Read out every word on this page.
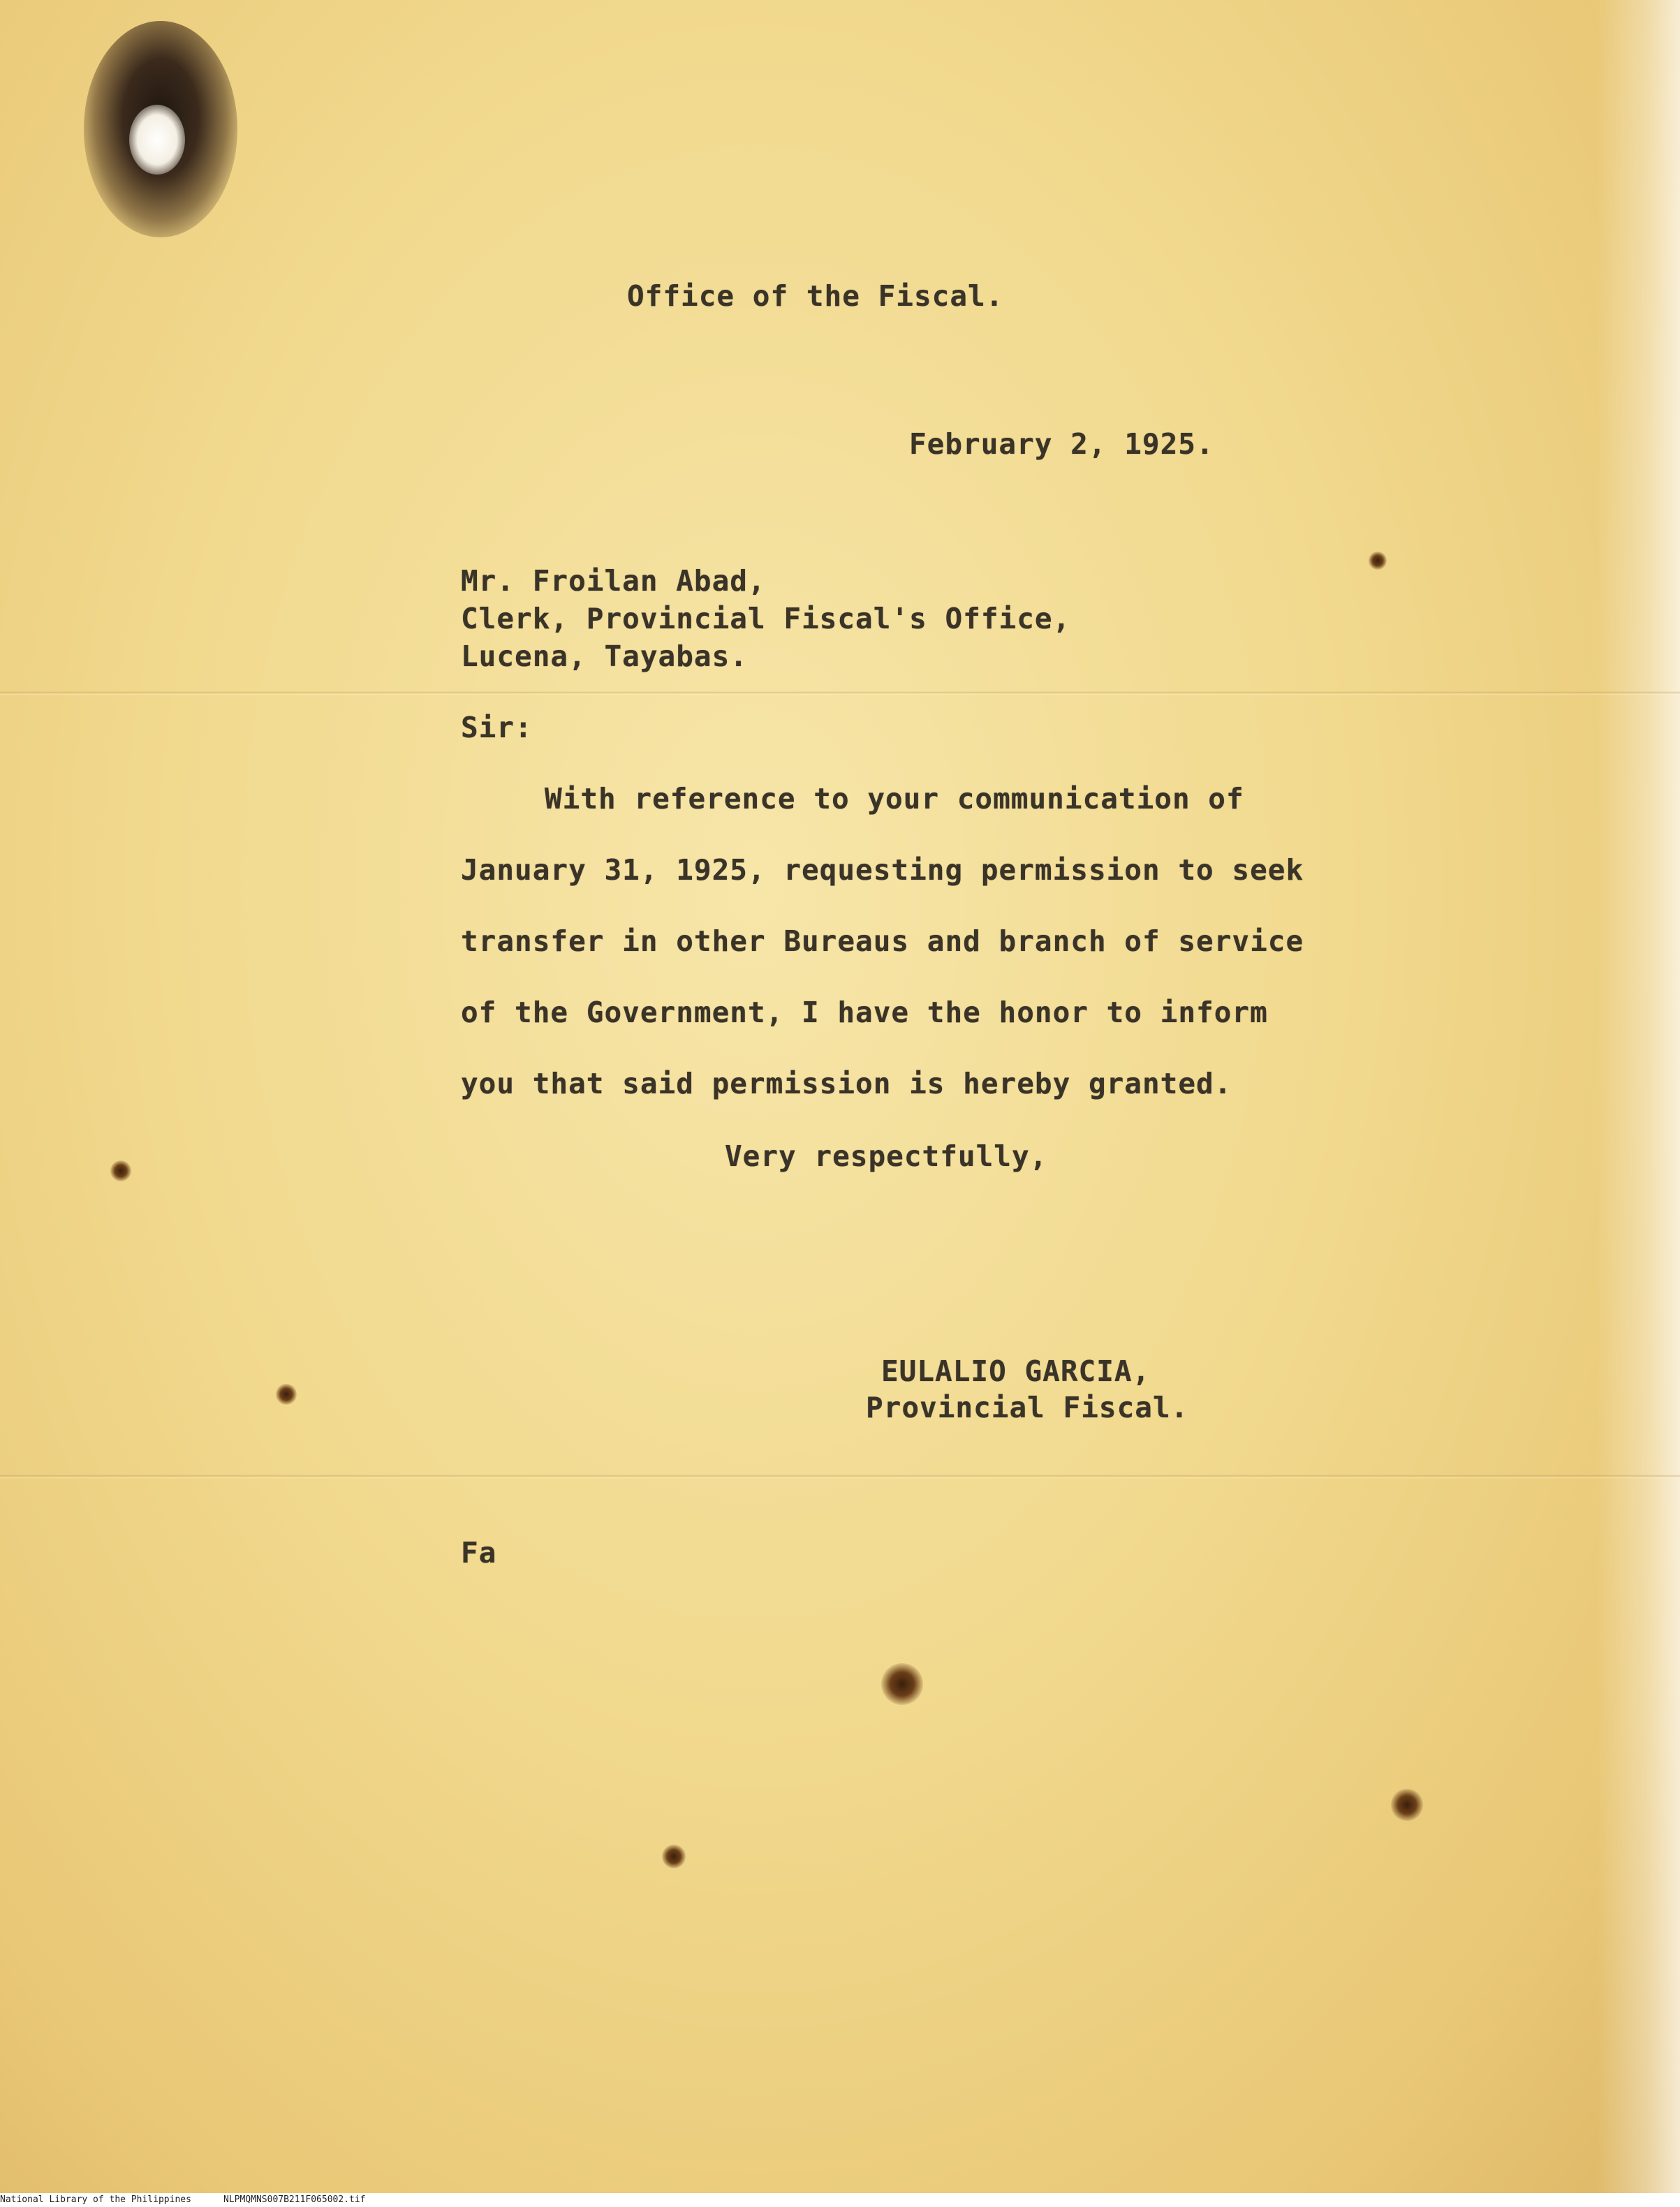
Office of the Fiscal.
February 2, 1925.
Mr. Froilan Abad,
Clerk, Provincial Fiscal's Office,
Lucena, Tayabas.
Sir:
With reference to your communication of
January 31, 1925, requesting permission to seek
transfer in other Bureaus and branch of service
of the Government, I have the honor to inform
you that said permission is hereby granted.
Very respectfully,
EULALIO GARCIA,
Provincial Fiscal.
Fa
National Library of the Philippines	NLPMQMNS007B211F065002.tif
